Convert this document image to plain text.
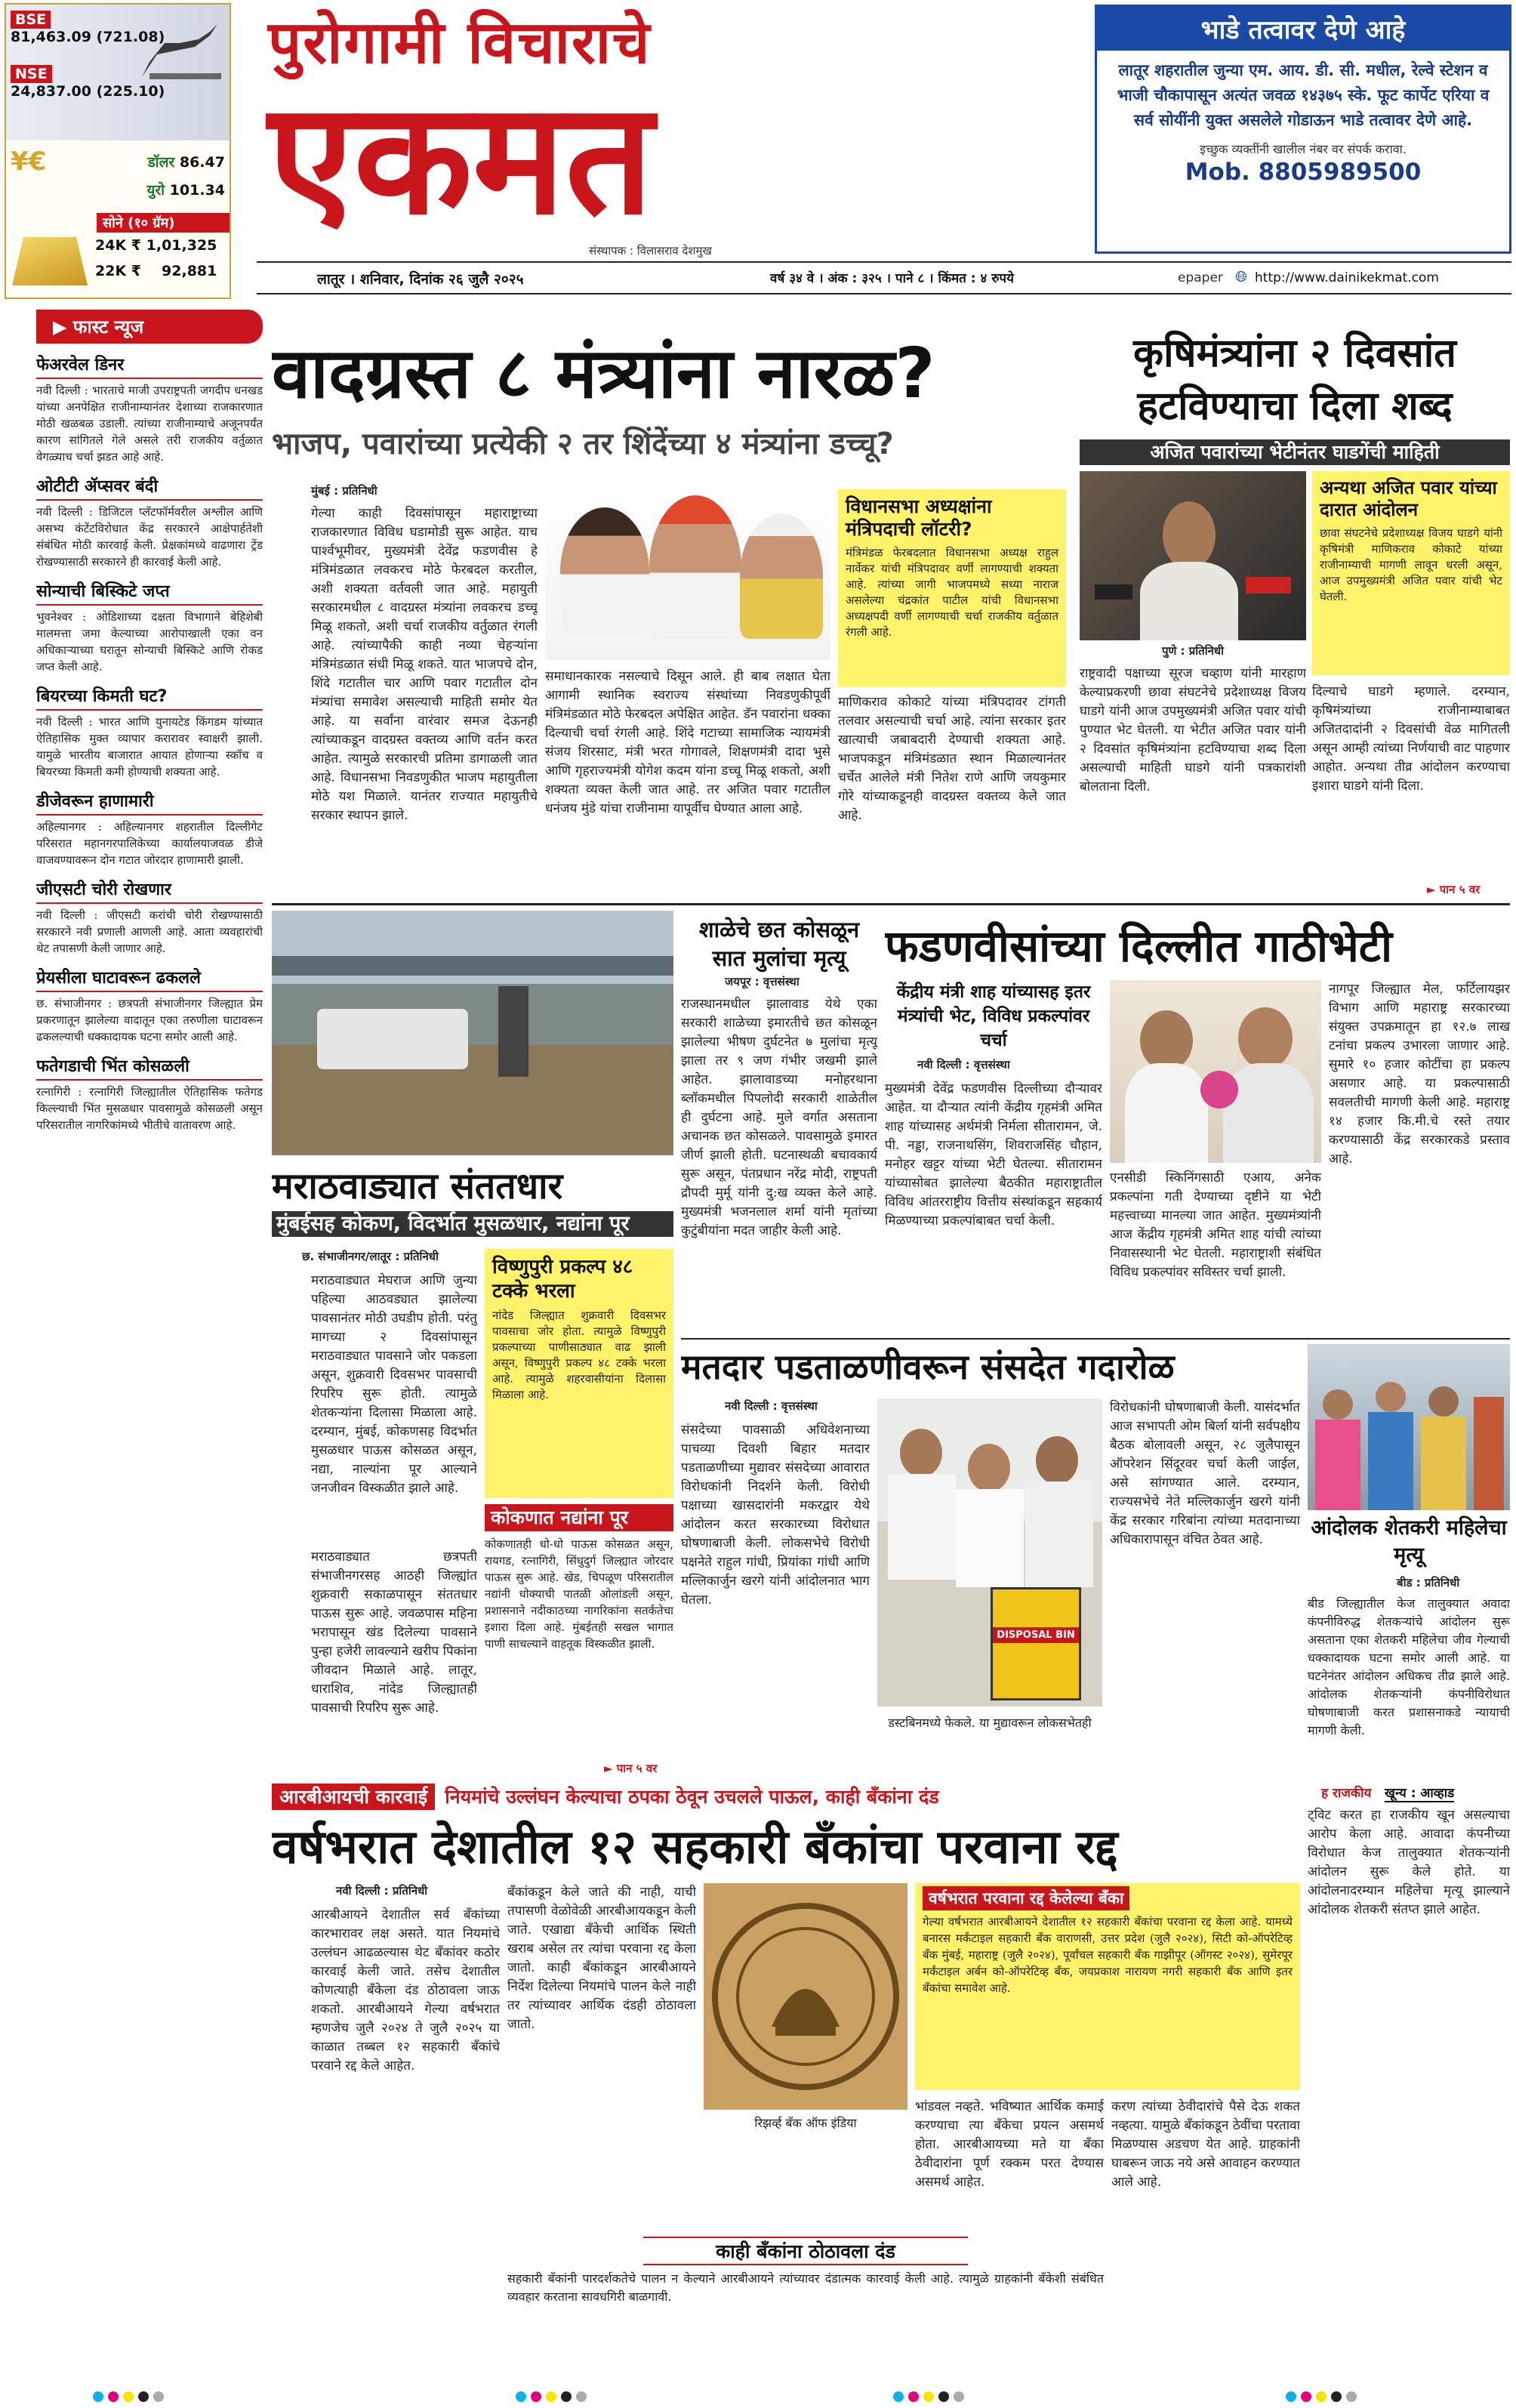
BSE
81,463.09 (721.08)
NSE
24,837.00 (225.10)
¥€	डॉलर 86.47
युरो 101.34
सोने (१० ग्रॅम)
24K ₹
1,01,325
22K ₹
92,881
पुरोगामी विचाराचे
एकमत
संस्थापक : विलासराव देशमुख
भाडे तत्वावर देणे आहे
लातूर शहरातील जुन्या एम. आय. डी. सी. मधील, रेल्वे स्टेशन व भाजी चौकापासून अत्यंत जवळ १४३७५ स्के. फूट कार्पेट एरिया व सर्व सोयींनी युक्त असलेले गोडाऊन भाडे तत्वावर देणे आहे.
इच्छुक व्यक्तींनी खालील नंबर वर संपर्क करावा.
Mob. 8805989500
लातूर । शनिवार, दिनांक २६ जुलै २०२५	वर्ष ३४ वे । अंक : ३२५ । पाने ८ । किंमत : ४ रुपये	epaper 🌐︎ http://www.dainikekmat.com
▶ फास्ट न्यूज
फेअरवेल डिनर
नवी दिल्ली : भारताचे माजी उपराष्ट्रपती जगदीप धनखड यांच्या अनपेक्षित राजीनाम्यानंतर देशाच्या राजकारणात मोठी खळबळ उडाली. त्यांच्या राजीनाम्याचे अजूनपर्यंत कारण सांगितले गेले असले तरी राजकीय वर्तुळात वेगळ्याच चर्चा झडत आहे आहे.
ओटीटी ॲप्सवर बंदी
नवी दिल्ली : डिजिटल प्लॅटफॉर्मवरील अश्लील आणि असभ्य कंटेंटविरोधात केंद्र सरकारने आक्षेपार्हतेशी संबंधित मोठी कारवाई केली. प्रेक्षकांमध्ये वाढणारा ट्रेंड रोखण्यासाठी सरकारने ही कारवाई केली आहे.
सोन्याची बिस्किटे जप्त
भुवनेश्वर : ओडिशाच्या दक्षता विभागाने बेहिशेबी मालमत्ता जमा केल्याच्या आरोपाखाली एका वन अधिकाऱ्याच्या घरातून सोन्याची बिस्किटे आणि रोकड जप्त केली आहे.
बियरच्या किमती घट?
नवी दिल्ली : भारत आणि युनायटेड किंगडम यांच्यात ऐतिहासिक मुक्त व्यापार करारावर स्वाक्षरी झाली. यामुळे भारतीय बाजारात आयात होणाऱ्या स्कॉच व बियरच्या किमती कमी होण्याची शक्यता आहे.
डीजेवरून हाणामारी
अहिल्यानगर : अहिल्यानगर शहरातील दिल्लीगेट परिसरात महानगरपालिकेच्या कार्यालयाजवळ डीजे वाजवण्यावरून दोन गटात जोरदार हाणामारी झाली.
जीएसटी चोरी रोखणार
नवी दिल्ली : जीएसटी करांची चोरी रोखण्यासाठी सरकारने नवी प्रणाली आणली आहे. आता व्यवहारांची थेट तपासणी केली जाणार आहे.
प्रेयसीला घाटावरून ढकलले
छ. संभाजीनगर : छत्रपती संभाजीनगर जिल्ह्यात प्रेम प्रकरणातून झालेल्या वादातून एका तरुणीला घाटावरून ढकलल्याची धक्कादायक घटना समोर आली आहे.
फतेगडाची भिंत कोसळली
रत्नागिरी : रत्नागिरी जिल्ह्यातील ऐतिहासिक फतेगड किल्ल्याची भिंत मुसळधार पावसामुळे कोसळली असून परिसरातील नागरिकांमध्ये भीतीचे वातावरण आहे.
वादग्रस्त ८ मंत्र्यांना नारळ?
भाजप, पवारांच्या प्रत्येकी २ तर शिंदेंच्या ४ मंत्र्यांना डच्चू?
मुंबई : प्रतिनिधी
गेल्या काही दिवसांपासून महाराष्ट्राच्या राजकारणात विविध घडामोडी सुरू आहेत. याच पार्श्वभूमीवर, मुख्यमंत्री देवेंद्र फडणवीस हे मंत्रिमंडळात लवकरच मोठे फेरबदल करतील, अशी शक्यता वर्तवली जात आहे. महायुती सरकारमधील ८ वादग्रस्त मंत्र्यांना लवकरच डच्चू मिळू शकतो, अशी चर्चा राजकीय वर्तुळात रंगली आहे. त्यांच्यापैकी काही नव्या चेहऱ्यांना मंत्रिमंडळात संधी मिळू शकते. यात भाजपचे दोन, शिंदे गटातील चार आणि पवार गटातील दोन मंत्र्यांचा समावेश असल्याची माहिती समोर येत आहे. या सर्वांना वारंवार समज देऊनही त्यांच्याकडून वादग्रस्त वक्तव्य आणि वर्तन करत आहेत. त्यामुळे सरकारची प्रतिमा डागाळली जात आहे. विधानसभा निवडणुकीत भाजप महायुतीला मोठे यश मिळाले. यानंतर राज्यात महायुतीचे सरकार स्थापन झाले.
समाधानकारक नसल्याचे दिसून आले. ही बाब लक्षात घेता आगामी स्थानिक स्वराज्य संस्थांच्या निवडणुकीपूर्वी मंत्रिमंडळात मोठे फेरबदल अपेक्षित आहेत. डॅन पवारांना धक्का दिल्याची चर्चा रंगली आहे. शिंदे गटाच्या सामाजिक न्यायमंत्री संजय शिरसाट, मंत्री भरत गोगावले, शिक्षणमंत्री दादा भुसे आणि गृहराज्यमंत्री योगेश कदम यांना डच्चू मिळू शकतो, अशी शक्यता व्यक्त केली जात आहे. तर अजित पवार गटातील धनंजय मुंडे यांचा राजीनामा यापूर्वीच घेण्यात आला आहे.
विधानसभा अध्यक्षांना मंत्रिपदाची लॉटरी?
मंत्रिमंडळ फेरबदलात विधानसभा अध्यक्ष राहुल नार्वेकर यांची मंत्रिपदावर वर्णी लागण्याची शक्यता आहे. त्यांच्या जागी भाजपमध्ये सध्या नाराज असलेल्या चंद्रकांत पाटील यांची विधानसभा अध्यक्षपदी वर्णी लागण्याची चर्चा राजकीय वर्तुळात रंगली आहे.
माणिकराव कोकाटे यांच्या मंत्रिपदावर टांगती तलवार असल्याची चर्चा आहे. त्यांना सरकार इतर खात्याची जबाबदारी देण्याची शक्यता आहे. भाजपकडून मंत्रिमंडळात स्थान मिळाल्यानंतर चर्चेत आलेले मंत्री नितेश राणे आणि जयकुमार गोरे यांच्याकडूनही वादग्रस्त वक्तव्य केले जात आहे.
कृषिमंत्र्यांना २ दिवसांत
हटविण्याचा दिला शब्द
अजित पवारांच्या भेटीनंतर घाडगेंची माहिती
पुणे : प्रतिनिधी
अन्यथा अजित पवार यांच्या दारात आंदोलन
छावा संघटनेचे प्रदेशाध्यक्ष विजय घाडगे यांनी कृषिमंत्री माणिकराव कोकाटे यांच्या राजीनाम्याची मागणी लावून धरली असून, आज उपमुख्यमंत्री अजित पवार यांची भेट घेतली.
राष्ट्रवादी पक्षाच्या सूरज चव्हाण यांनी मारहाण केल्याप्रकरणी छावा संघटनेचे प्रदेशाध्यक्ष विजय घाडगे यांनी आज उपमुख्यमंत्री अजित पवार यांची पुण्यात भेट घेतली. या भेटीत अजित पवार यांनी २ दिवसांत कृषिमंत्र्यांना हटविण्याचा शब्द दिला असल्याची माहिती घाडगे यांनी पत्रकारांशी बोलताना दिली.
दिल्याचे घाडगे म्हणाले. दरम्यान, कृषिमंत्र्यांच्या राजीनाम्याबाबत अजितदादांनी २ दिवसांची वेळ मागितली असून आम्ही त्यांच्या निर्णयाची वाट पाहणार आहोत. अन्यथा तीव्र आंदोलन करण्याचा इशारा घाडगे यांनी दिला.
► पान ५ वर
मराठवाड्यात संततधार
मुंबईसह कोकण, विदर्भात मुसळधार, नद्यांना पूर
छ. संभाजीनगर/लातूर : प्रतिनिधी
मराठवाड्यात मेघराज आणि जुन्या पहिल्या आठवड्यात झालेल्या पावसानंतर मोठी उघडीप होती. परंतु मागच्या २ दिवसांपासून मराठवाड्यात पावसाने जोर पकडला असून, शुक्रवारी दिवसभर पावसाची रिपरिप सुरू होती. त्यामुळे शेतकऱ्यांना दिलासा मिळाला आहे. दरम्यान, मुंबई, कोकणसह विदर्भात मुसळधार पाऊस कोसळत असून, नद्या, नाल्यांना पूर आल्याने जनजीवन विस्कळीत झाले आहे.
मराठवाड्यात छत्रपती संभाजीनगरसह आठही जिल्ह्यांत शुक्रवारी सकाळपासून संततधार पाऊस सुरू आहे. जवळपास महिना भरापासून खंड दिलेल्या पावसाने पुन्हा हजेरी लावल्याने खरीप पिकांना जीवदान मिळाले आहे. लातूर, धाराशिव, नांदेड जिल्ह्यातही पावसाची रिपरिप सुरू आहे.
विष्णुपुरी प्रकल्प ४८ टक्के भरला
नांदेड जिल्ह्यात शुक्रवारी दिवसभर पावसाचा जोर होता. त्यामुळे विष्णुपुरी प्रकल्पाच्या पाणीसाठ्यात वाढ झाली असून, विष्णुपुरी प्रकल्प ४८ टक्के भरला आहे. त्यामुळे शहरवासीयांना दिलासा मिळाला आहे.
कोकणात नद्यांना पूर
कोकणातही धो-धो पाऊस कोसळत असून, रायगड, रत्नागिरी, सिंधुदुर्ग जिल्ह्यात जोरदार पाऊस सुरू आहे. खेड, चिपळूण परिसरातील नद्यांनी धोक्याची पातळी ओलांडली असून, प्रशासनाने नदीकाठच्या नागरिकांना सतर्कतेचा इशारा दिला आहे. मुंबईतही सखल भागात पाणी साचल्याने वाहतूक विस्कळीत झाली.
► पान ५ वर
शाळेचे छत कोसळून सात मुलांचा मृत्यू
जयपूर : वृत्तसंस्था
राजस्थानमधील झालावाड येथे एका सरकारी शाळेच्या इमारतीचे छत कोसळून झालेल्या भीषण दुर्घटनेत ७ मुलांचा मृत्यू झाला तर ९ जण गंभीर जखमी झाले आहेत. झालावाडच्या मनोहरथाना ब्लॉकमधील पिपलोदी सरकारी शाळेतील ही दुर्घटना आहे. मुले वर्गात असताना अचानक छत कोसळले. पावसामुळे इमारत जीर्ण झाली होती. घटनास्थळी बचावकार्य सुरू असून, पंतप्रधान नरेंद्र मोदी, राष्ट्रपती द्रौपदी मुर्मू यांनी दु:ख व्यक्त केले आहे. मुख्यमंत्री भजनलाल शर्मा यांनी मृतांच्या कुटुंबीयांना मदत जाहीर केली आहे.
फडणवीसांच्या दिल्लीत गाठीभेटी
केंद्रीय मंत्री शाह यांच्यासह इतर मंत्र्यांची भेट, विविध प्रकल्पांवर चर्चा
नवी दिल्ली : वृत्तसंस्था
मुख्यमंत्री देवेंद्र फडणवीस दिल्लीच्या दौऱ्यावर आहेत. या दौऱ्यात त्यांनी केंद्रीय गृहमंत्री अमित शाह यांच्यासह अर्थमंत्री निर्मला सीतारामन, जे. पी. नड्डा, राजनाथसिंग, शिवराजसिंह चौहान, मनोहर खट्टर यांच्या भेटी घेतल्या. सीतारामन यांच्यासोबत झालेल्या बैठकीत महाराष्ट्रातील विविध आंतरराष्ट्रीय वित्तीय संस्थांकडून सहकार्य मिळण्याच्या प्रकल्पांबाबत चर्चा केली.
एनसीडी स्किनिंगसाठी एआय, अनेक प्रकल्पांना गती देण्याच्या दृष्टीने या भेटी महत्त्वाच्या मानल्या जात आहेत. मुख्यमंत्र्यांनी आज केंद्रीय गृहमंत्री अमित शाह यांची त्यांच्या निवासस्थानी भेट घेतली. महाराष्ट्राशी संबंधित विविध प्रकल्पांवर सविस्तर चर्चा झाली.
नागपूर जिल्ह्यात मेल, फर्टिलायझर विभाग आणि महाराष्ट्र सरकारच्या संयुक्त उपक्रमातून हा १२.७ लाख टनांचा प्रकल्प उभारला जाणार आहे. सुमारे १० हजार कोटींचा हा प्रकल्प असणार आहे. या प्रकल्पासाठी सवलतीची मागणी केली आहे. महाराष्ट्र १४ हजार कि.मी.चे रस्ते तयार करण्यासाठी केंद्र सरकारकडे प्रस्ताव आहे.
मतदार पडताळणीवरून संसदेत गदारोळ
नवी दिल्ली : वृत्तसंस्था
संसदेच्या पावसाळी अधिवेशनाच्या पाचव्या दिवशी बिहार मतदार पडताळणीच्या मुद्यावर संसदेच्या आवारात विरोधकांनी निदर्शने केली. विरोधी पक्षाच्या खासदारांनी मकरद्वार येथे आंदोलन करत सरकारच्या विरोधात घोषणाबाजी केली. लोकसभेचे विरोधी पक्षनेते राहुल गांधी, प्रियांका गांधी आणि मल्लिकार्जुन खरगे यांनी आंदोलनात भाग घेतला.
DISPOSAL BIN
डस्टबिनमध्ये फेकले. या मुद्यावरून लोकसभेतही
विरोधकांनी घोषणाबाजी केली. यासंदर्भात आज सभापती ओम बिर्ला यांनी सर्वपक्षीय बैठक बोलावली असून, २८ जुलैपासून ऑपरेशन सिंदूरवर चर्चा केली जाईल, असे सांगण्यात आले. दरम्यान, राज्यसभेचे नेते मल्लिकार्जुन खरगे यांनी केंद्र सरकार गरिबांना त्यांच्या मतदानाच्या अधिकारापासून वंचित ठेवत आहे.	आंदोलक शेतकरी महिलेचा मृत्यू
बीड : प्रतिनिधी
बीड जिल्ह्यातील केज तालुक्यात अवादा कंपनीविरुद्ध शेतकऱ्यांचे आंदोलन सुरू असताना एका शेतकरी महिलेचा जीव गेल्याची धक्कादायक घटना समोर आली आहे. या घटनेनंतर आंदोलन अधिकच तीव्र झाले आहे. आंदोलक शेतकऱ्यांनी कंपनीविरोधात घोषणाबाजी करत प्रशासनाकडे न्यायाची मागणी केली.
ह राजकीय खून्य : आव्हाड
ट्विट करत हा राजकीय खून असल्याचा आरोप केला आहे. आवादा कंपनीच्या विरोधात केज तालुक्यात शेतकऱ्यांनी आंदोलन सुरू केले होते. या आंदोलनादरम्यान महिलेचा मृत्यू झाल्याने आंदोलक शेतकरी संतप्त झाले आहेत.
आरबीआयची कारवाई नियमांचे उल्लंघन केल्याचा ठपका ठेवून उचलले पाऊल, काही बँकांना दंड
वर्षभरात देशातील १२ सहकारी बँकांचा परवाना रद्द
नवी दिल्ली : प्रतिनिधी
आरबीआयने देशातील सर्व बँकांच्या कारभारावर लक्ष असते. यात नियमांचे उल्लंघन आढळल्यास थेट बँकांवर कठोर कारवाई केली जाते. तसेच देशातील कोणत्याही बँकेला दंड ठोठावला जाऊ शकतो. आरबीआयने गेल्या वर्षभरात म्हणजेच जुलै २०२४ ते जुलै २०२५ या काळात तब्बल १२ सहकारी बँकांचे परवाने रद्द केले आहेत.
बँकांकडून केले जाते की नाही, याची तपासणी वेळोवेळी आरबीआयकडून केली जाते. एखाद्या बँकेची आर्थिक स्थिती खराब असेल तर त्यांचा परवाना रद्द केला जातो. काही बँकांकडून आरबीआयने निर्देश दिलेल्या नियमांचे पालन केले नाही तर त्यांच्यावर आर्थिक दंडही ठोठावला जातो.
रिझर्व्ह बँक ऑफ इंडिया
वर्षभरात परवाना रद्द केलेल्या बँका
गेल्या वर्षभरात आरबीआयने देशातील १२ सहकारी बँकांचा परवाना रद्द केला आहे. यामध्ये बनारस मर्कंटाइल सहकारी बँक वाराणसी, उत्तर प्रदेश (जुलै २०२४), सिटी को-ऑपरेटिव्ह बँक मुंबई, महाराष्ट्र (जुलै २०२४), पूर्वांचल सहकारी बँक गाझीपूर (ऑगस्ट २०२४), सुमेरपूर मर्कंटाइल अर्बन को-ऑपरेटिव्ह बँक, जयप्रकाश नारायण नगरी सहकारी बँक आणि इतर बँकांचा समावेश आहे.
काही बँकांना ठोठावला दंड
सहकारी बँकांनी पारदर्शकतेचे पालन न केल्याने आरबीआयने त्यांच्यावर दंडात्मक कारवाई केली आहे. त्यामुळे ग्राहकांनी बँकेशी संबंधित व्यवहार करताना सावधगिरी बाळगावी.
भांडवल नव्हते. भविष्यात आर्थिक कमाई करण्याचा त्या बँकेचा प्रयत्न असमर्थ होता. आरबीआयच्या मते या बँका ठेवीदारांना पूर्ण रक्कम परत देण्यास असमर्थ आहेत.
करण त्यांच्या ठेवीदारांचे पैसे देऊ शकत नव्हत्या. यामुळे बँकांकडून ठेवींचा परतावा मिळण्यास अडचण येत आहे. ग्राहकांनी घाबरून जाऊ नये असे आवाहन करण्यात आले आहे.
